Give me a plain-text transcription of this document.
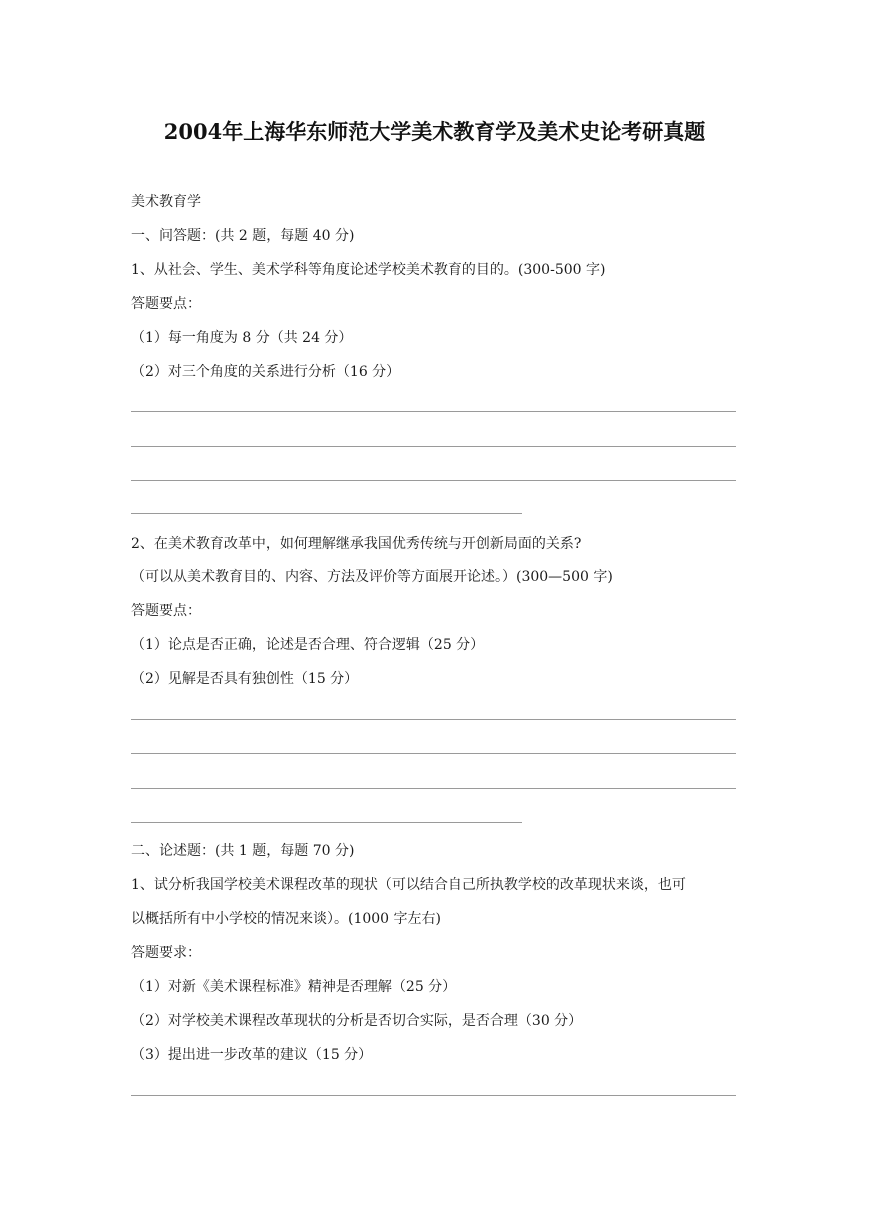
2004年上海华东师范大学美术教育学及美术史论考研真题
美术教育学
一、问答题：(共 2 题，每题 40 分)
1、从社会、学生、美术学科等角度论述学校美术教育的目的。(300-500 字)
答题要点：
（1）每一角度为 8 分（共 24 分）
（2）对三个角度的关系进行分析（16 分）
2、在美术教育改革中，如何理解继承我国优秀传统与开创新局面的关系?
（可以从美术教育目的、内容、方法及评价等方面展开论述。）(300—500 字)
答题要点：
（1）论点是否正确，论述是否合理、符合逻辑（25 分）
（2）见解是否具有独创性（15 分）
二、论述题：(共 1 题，每题 70 分)
1、试分析我国学校美术课程改革的现状（可以结合自己所执教学校的改革现状来谈，也可
以概括所有中小学校的情况来谈）。(1000 字左右)
答题要求：
（1）对新《美术课程标准》精神是否理解（25 分）
（2）对学校美术课程改革现状的分析是否切合实际，是否合理（30 分）
（3）提出进一步改革的建议（15 分）
